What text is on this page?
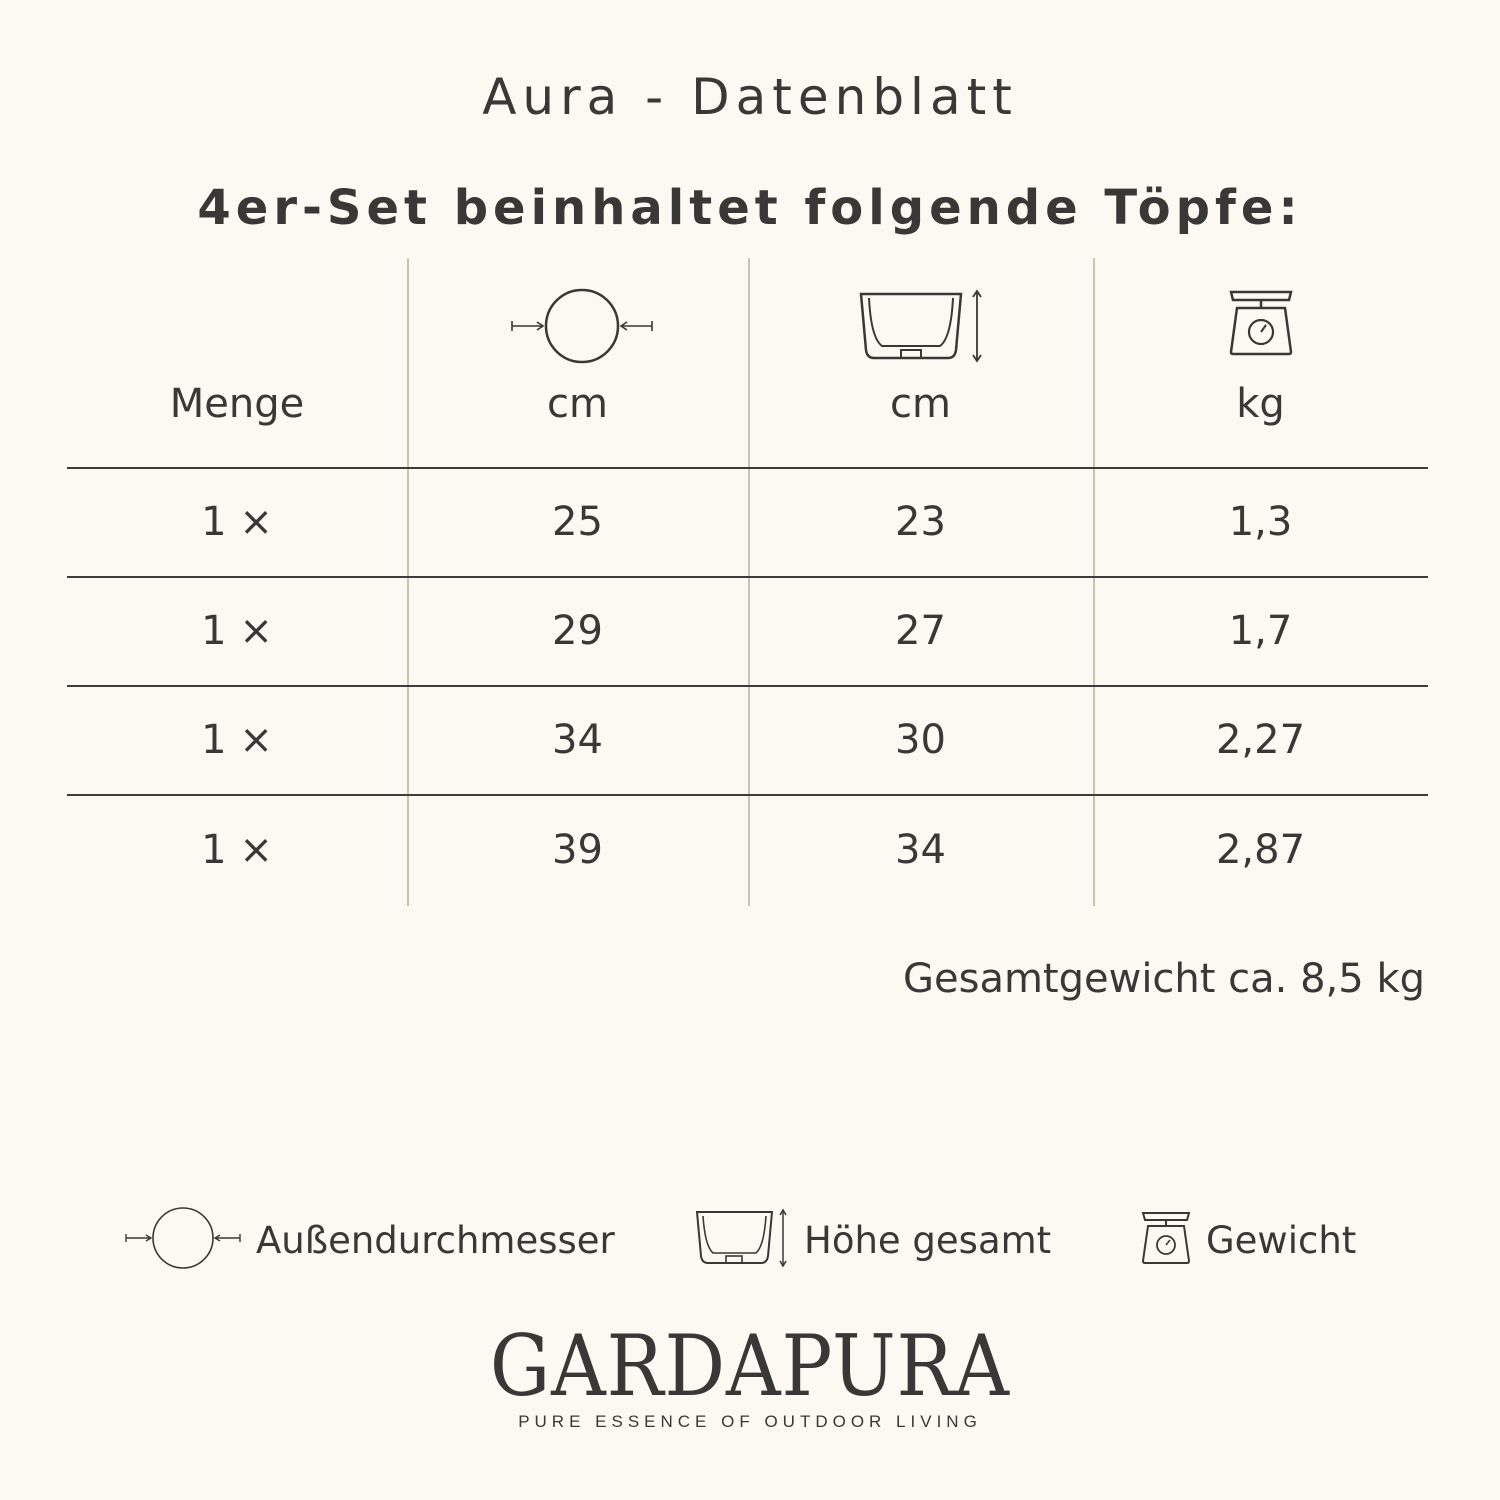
Aura - Datenblatt
4er-Set beinhaltet folgende Töpfe:
Menge	cm	cm	kg
1 ×	25	23	1,3
1 ×	29	27	1,7
1 ×	34	30	2,27
1 ×	39	34	2,87
Gesamtgewicht ca. 8,5 kg
Außendurchmesser	Höhe gesamt	Gewicht
GARDAPURA
PURE ESSENCE OF OUTDOOR LIVING
